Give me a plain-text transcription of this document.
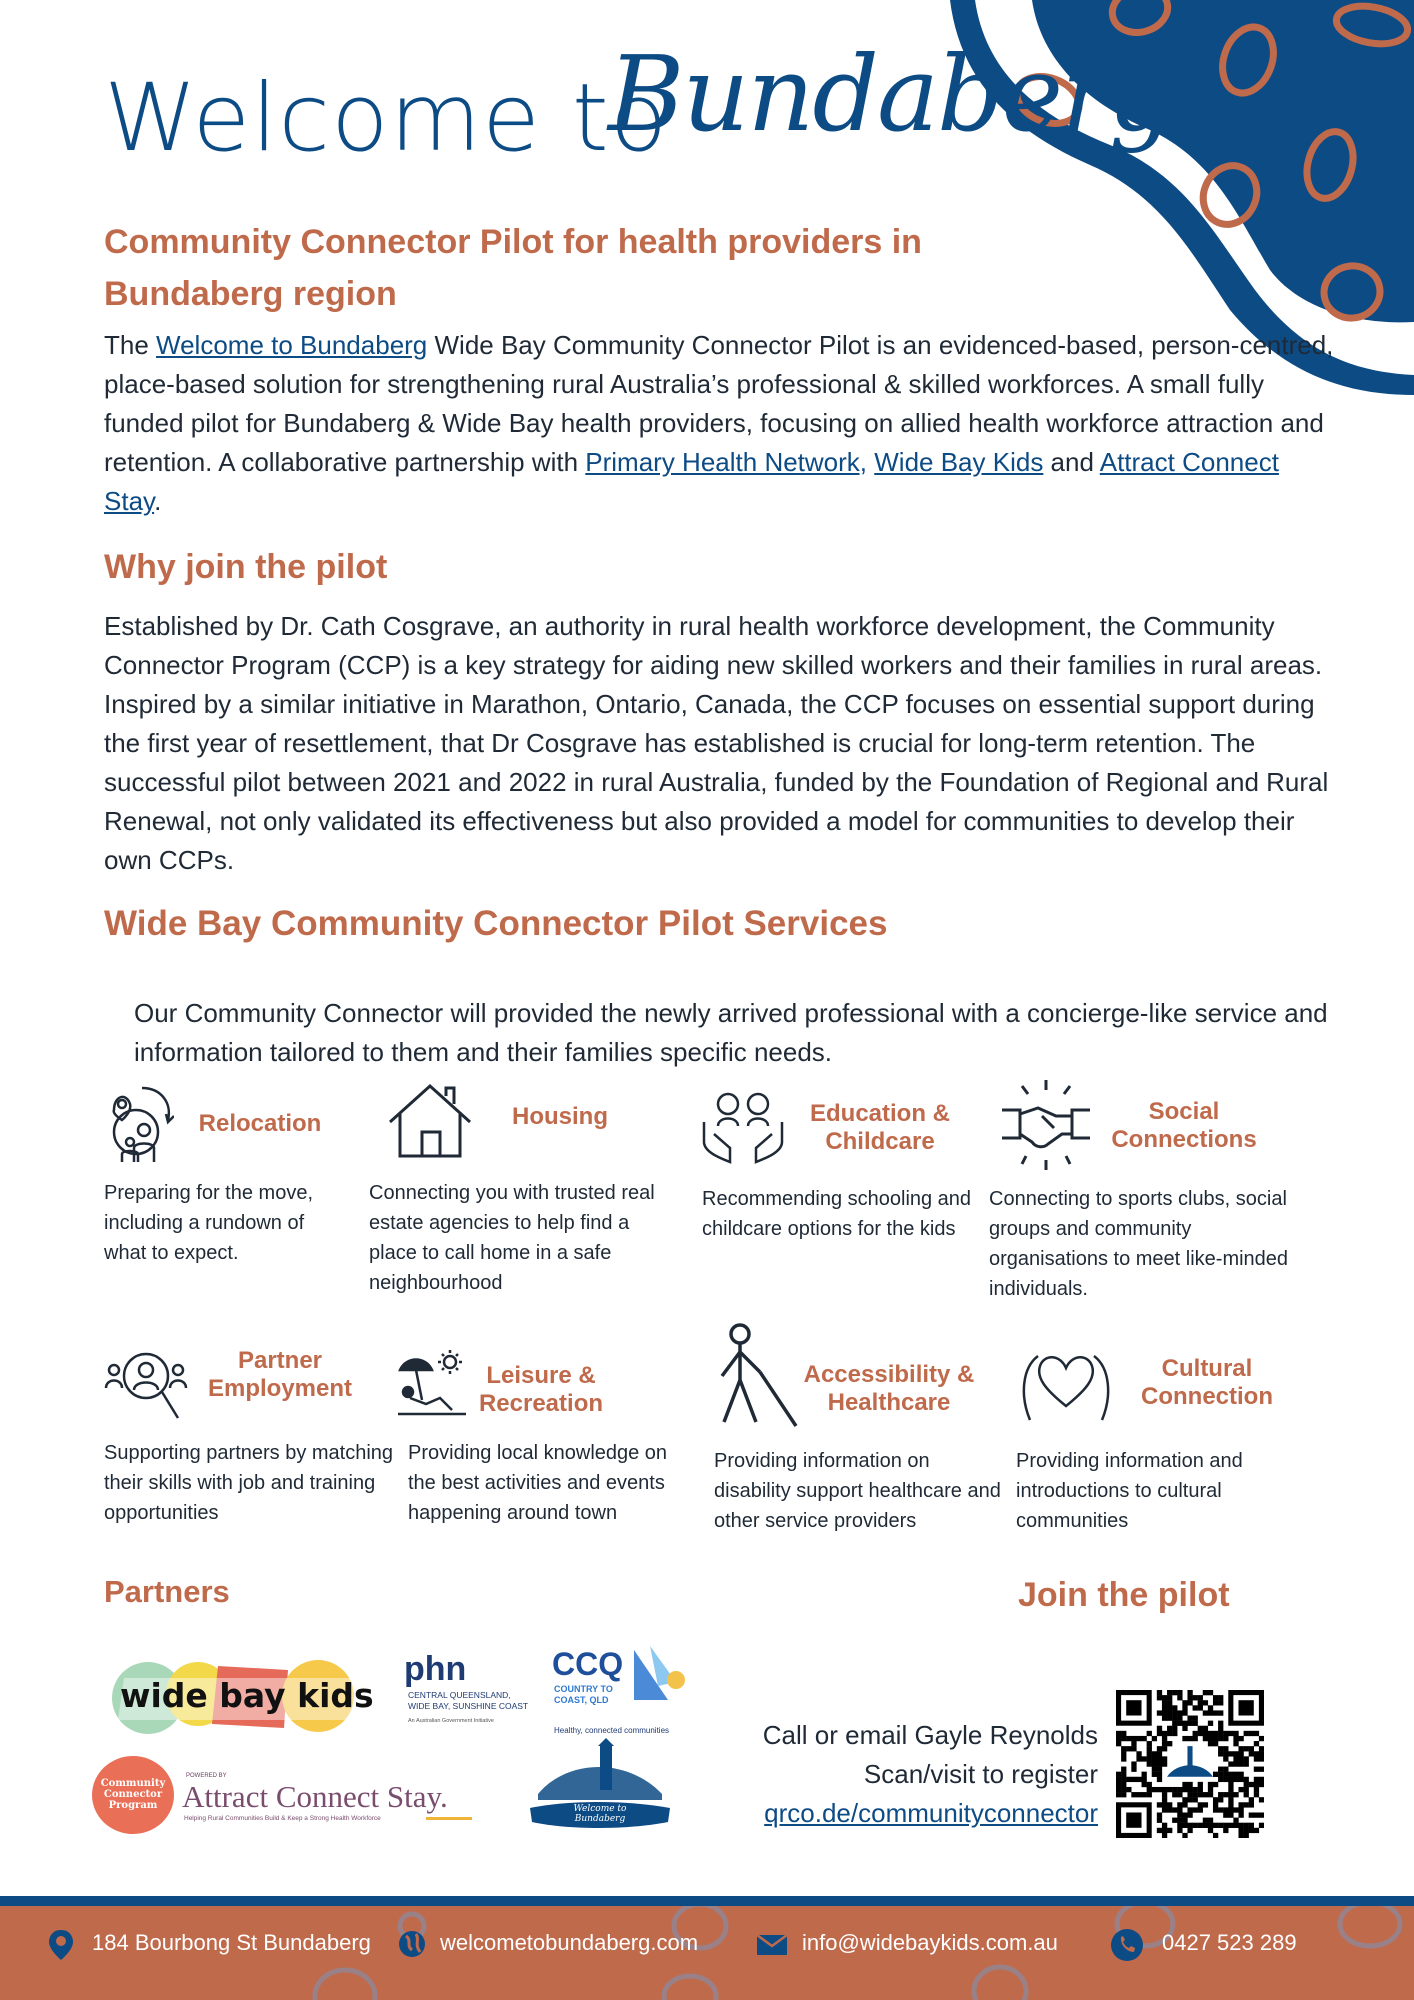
Welcome to
Bundaberg
Community Connector Pilot for health providers in Bundaberg region
The Welcome to Bundaberg Wide Bay Community Connector Pilot is an evidenced-based, person-centred, place-based solution for strengthening rural Australia’s professional & skilled workforces. A small fully funded pilot for Bundaberg & Wide Bay health providers, focusing on allied health workforce attraction and retention. A collaborative partnership with Primary Health Network, Wide Bay Kids and Attract Connect Stay.
Why join the pilot
Established by Dr. Cath Cosgrave, an authority in rural health workforce development, the Community Connector Program (CCP) is a key strategy for aiding new skilled workers and their families in rural areas. Inspired by a similar initiative in Marathon, Ontario, Canada, the CCP focuses on essential support during the first year of resettlement, that Dr Cosgrave has established is crucial for long-term retention. The successful pilot between 2021 and 2022 in rural Australia, funded by the Foundation of Regional and Rural Renewal, not only validated its effectiveness but also provided a model for communities to develop their own CCPs.
Wide Bay Community Connector Pilot Services
Our Community Connector will provided the newly arrived professional with a concierge-like service and information tailored to them and their families specific needs.
Relocation	Housing	Education & Childcare
Social Connections
Preparing for the move, including a rundown of what to expect.
Connecting you with trusted real estate agencies to help find a place to call home in a safe neighbourhood
Recommending schooling and childcare options for the kids
Connecting to sports clubs, social groups and community organisations to meet like-minded individuals.
Partner Employment	Leisure & Recreation
Accessibility & Healthcare
Cultural Connection
Supporting partners by matching their skills with job and training opportunities
Providing local knowledge on the best activities and events happening around town
Providing information on disability support healthcare and other service providers
Providing information and introductions to cultural communities
Partners	Join the pilot
wide bay kids
phn
CENTRAL QUEENSLAND,
WIDE BAY, SUNSHINE COAST
An Australian Government Initiative
CCQ
COUNTRY TO
COAST, QLD
Healthy, connected communities
Community Connector Program
POWERED BY
Attract Connect Stay.
Helping Rural Communities Build & Keep a Strong Health Workforce
Welcome to Bundaberg
Call or email Gayle Reynolds
Scan/visit to register
qrco.de/communityconnector
184 Bourbong St Bundaberg	welcometobundaberg.com	info@widebaykids.com.au	0427 523 289
